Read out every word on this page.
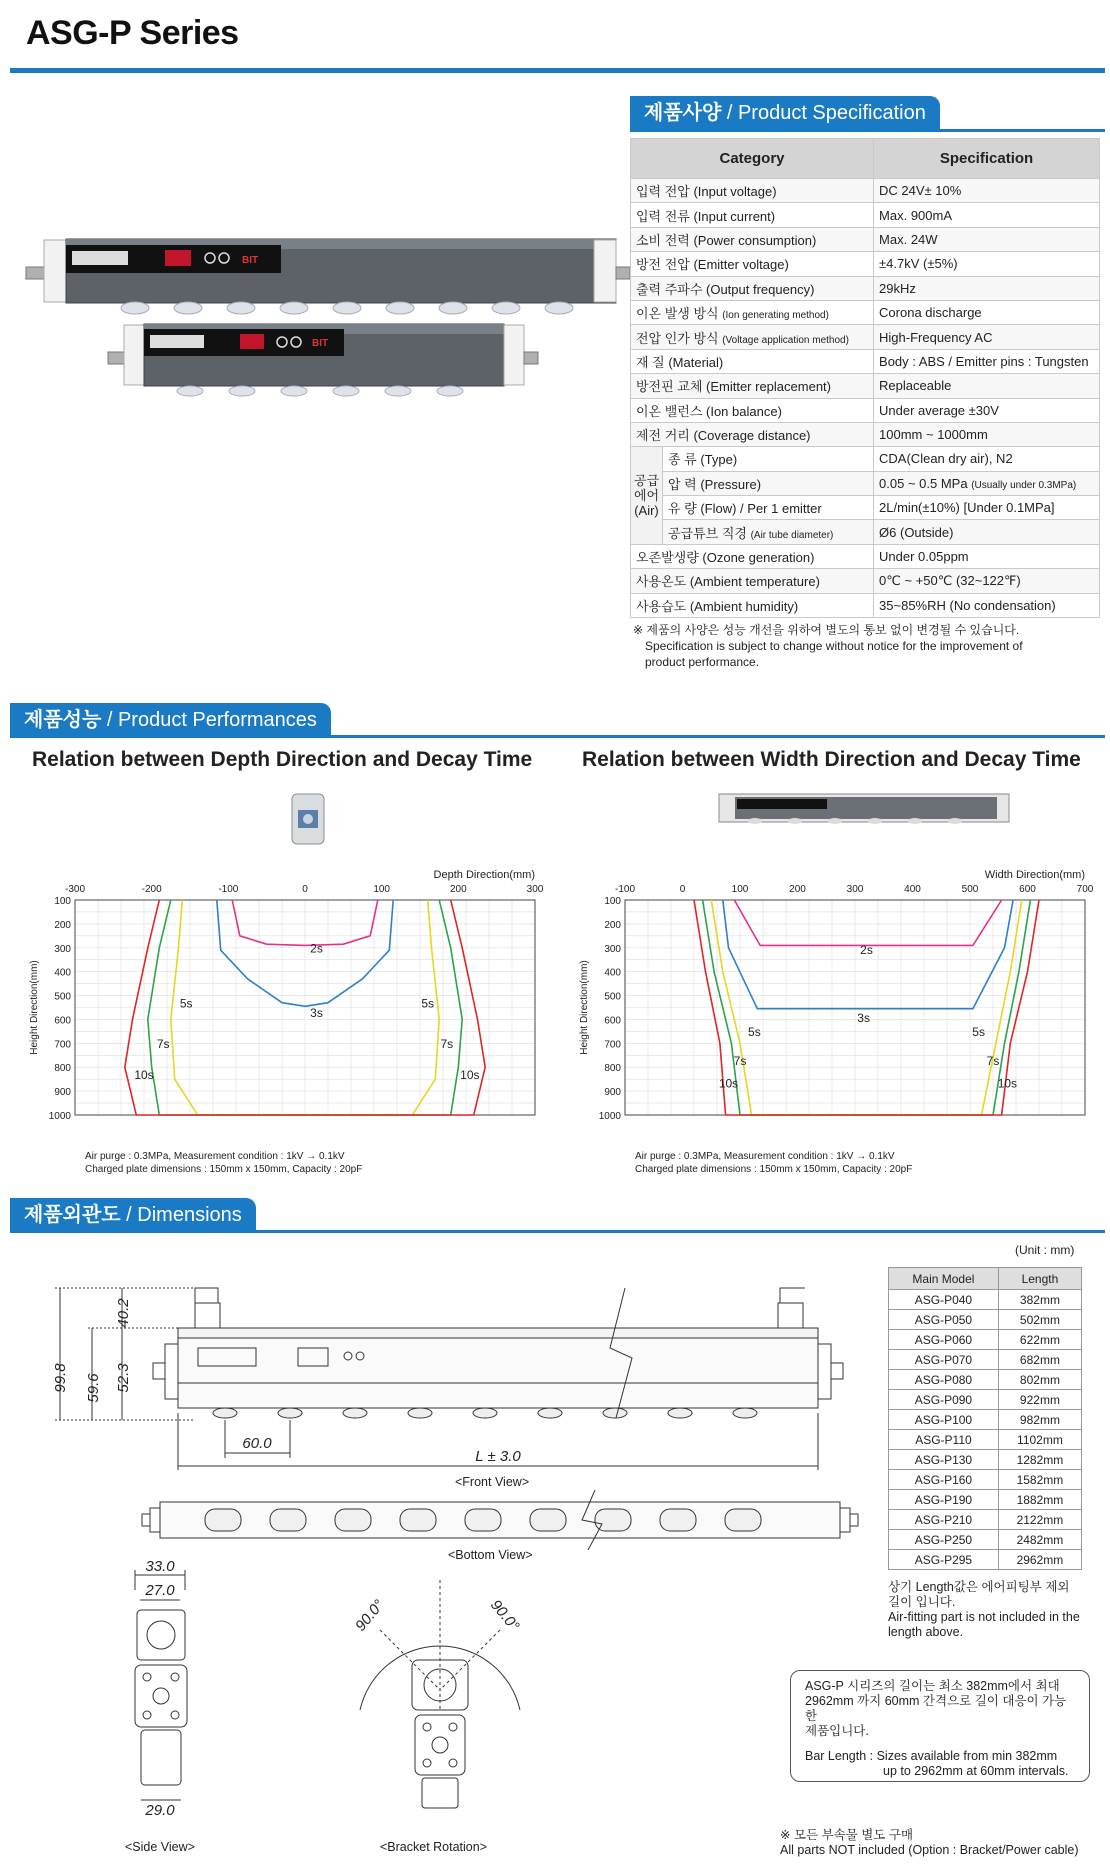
ASG-P Series
BIT
BIT
제품사양 / Product Specification
Category		Specification
입력 전압 (Input voltage)		DC 24V± 10%
입력 전류 (Input current)		Max. 900mA
소비 전력 (Power consumption)		Max. 24W
방전 전압 (Emitter voltage)		±4.7kV (±5%)
출력 주파수 (Output frequency)		29kHz
이온 발생 방식 (Ion generating method)		Corona discharge
전압 인가 방식 (Voltage application method)		High-Frequency AC
재 질 (Material)		Body : ABS / Emitter pins : Tungsten
방전핀 교체 (Emitter replacement)		Replaceable
이온 밸런스 (Ion balance)		Under average ±30V
제전 거리 (Coverage distance)		100mm ~ 1000mm
공급
에어
(Air)	종 류 (Type)	CDA(Clean dry air), N2
	압 력 (Pressure)	0.05 ~ 0.5 MPa (Usually under 0.3MPa)
	유 량 (Flow) / Per 1 emitter	2L/min(±10%) [Under 0.1MPa]
	공급튜브 직경 (Air tube diameter)	Ø6 (Outside)
오존발생량 (Ozone generation)		Under 0.05ppm
사용온도 (Ambient temperature)		0℃ ~ +50℃ (32~122℉)
사용습도 (Ambient humidity)		35~85%RH (No condensation)
※ 제품의 사양은 성능 개선을 위하여 별도의 통보 없이 변경될 수 있습니다.
Specification is subject to change without notice for the improvement of
product performance.
제품성능 / Product Performances
Relation between Depth Direction and Decay Time Relation between Width Direction and Decay Time
-300	-200	-100	0	100	200	300
100
200
300
400
500
600
700
800
900
1000
Depth Direction(mm)
Height Direction(mm)
2s
3s
5s	5s
7s	7s
10s	10s
-100	0	100	200	300	400	500	600	700
100
200
300
400
500
600
700
800
900
1000
Width Direction(mm)
Height Direction(mm)
2s
3s
5s	5s
7s	7s
10s	10s
Air purge : 0.3MPa, Measurement condition : 1kV → 0.1kV
Charged plate dimensions : 150mm x 150mm, Capacity : 20pF
Air purge : 0.3MPa, Measurement condition : 1kV → 0.1kV
Charged plate dimensions : 150mm x 150mm, Capacity : 20pF
제품외관도 / Dimensions
(Unit : mm)
Main Model	Length
ASG-P040	382mm
ASG-P050	502mm
ASG-P060	622mm
ASG-P070	682mm
ASG-P080	802mm
ASG-P090	922mm
ASG-P100	982mm
ASG-P110	1102mm
ASG-P130	1282mm
ASG-P160	1582mm
ASG-P190	1882mm
ASG-P210	2122mm
ASG-P250	2482mm
ASG-P295	2962mm
상기 Length값은 에어피팅부 제외
길이 입니다.
Air-fitting part is not included in the
length above.
ASG-P 시리즈의 길이는 최소 382mm에서 최대
2962mm 까지 60mm 간격으로 길이 대응이 가능한
제품입니다.
Bar Length : Sizes available from min 382mm
up to 2962mm at 60mm intervals.
※ 모든 부속물 별도 구매
All parts NOT included (Option : Bracket/Power cable)
99.8 59.6
40.2
52.3
60.0
L ± 3.0
<Front View>
<Bottom View>
33.0
27.0
29.0
<Side View>
90.0°	90.0°
<Bracket Rotation>
